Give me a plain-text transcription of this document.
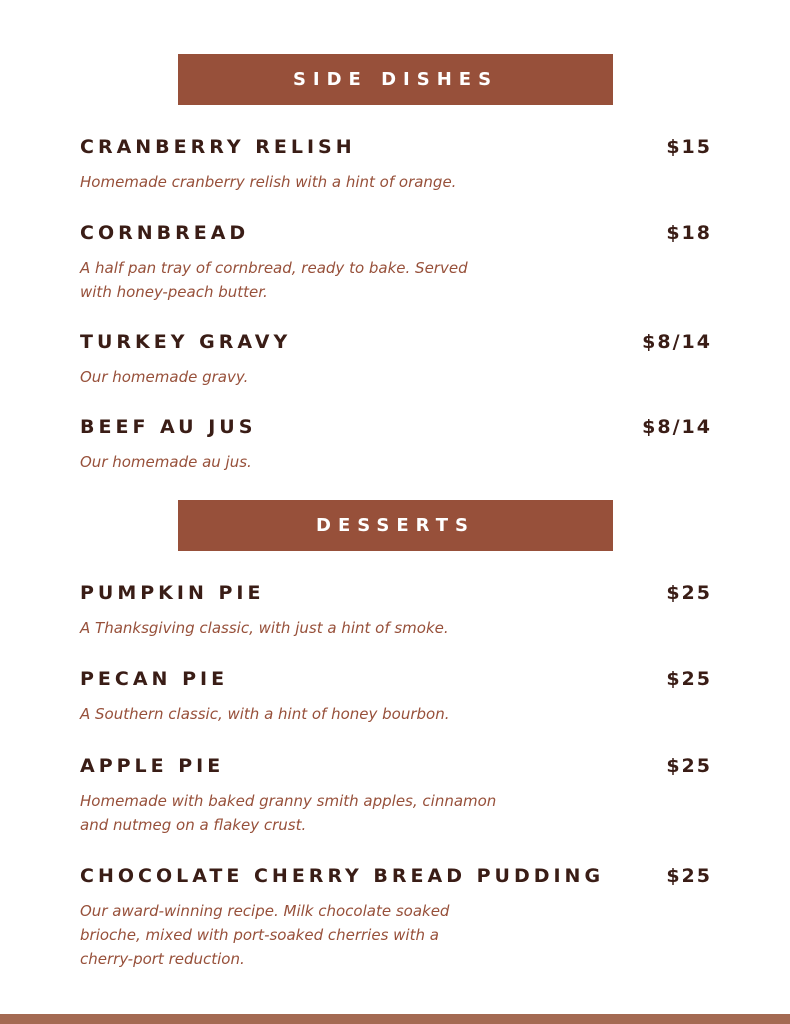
SIDE DISHES
CRANBERRY RELISH	$15
Homemade cranberry relish with a hint of orange.
CORNBREAD	$18
A half pan tray of cornbread, ready to bake. Served
with honey-peach butter.
TURKEY GRAVY	$8/14
Our homemade gravy.
BEEF AU JUS	$8/14
Our homemade au jus.
DESSERTS
PUMPKIN PIE	$25
A Thanksgiving classic, with just a hint of smoke.
PECAN PIE	$25
A Southern classic, with a hint of honey bourbon.
APPLE PIE	$25
Homemade with baked granny smith apples, cinnamon
and nutmeg on a flakey crust.
CHOCOLATE CHERRY BREAD PUDDING	$25
Our award-winning recipe. Milk chocolate soaked
brioche, mixed with port-soaked cherries with a
cherry-port reduction.
